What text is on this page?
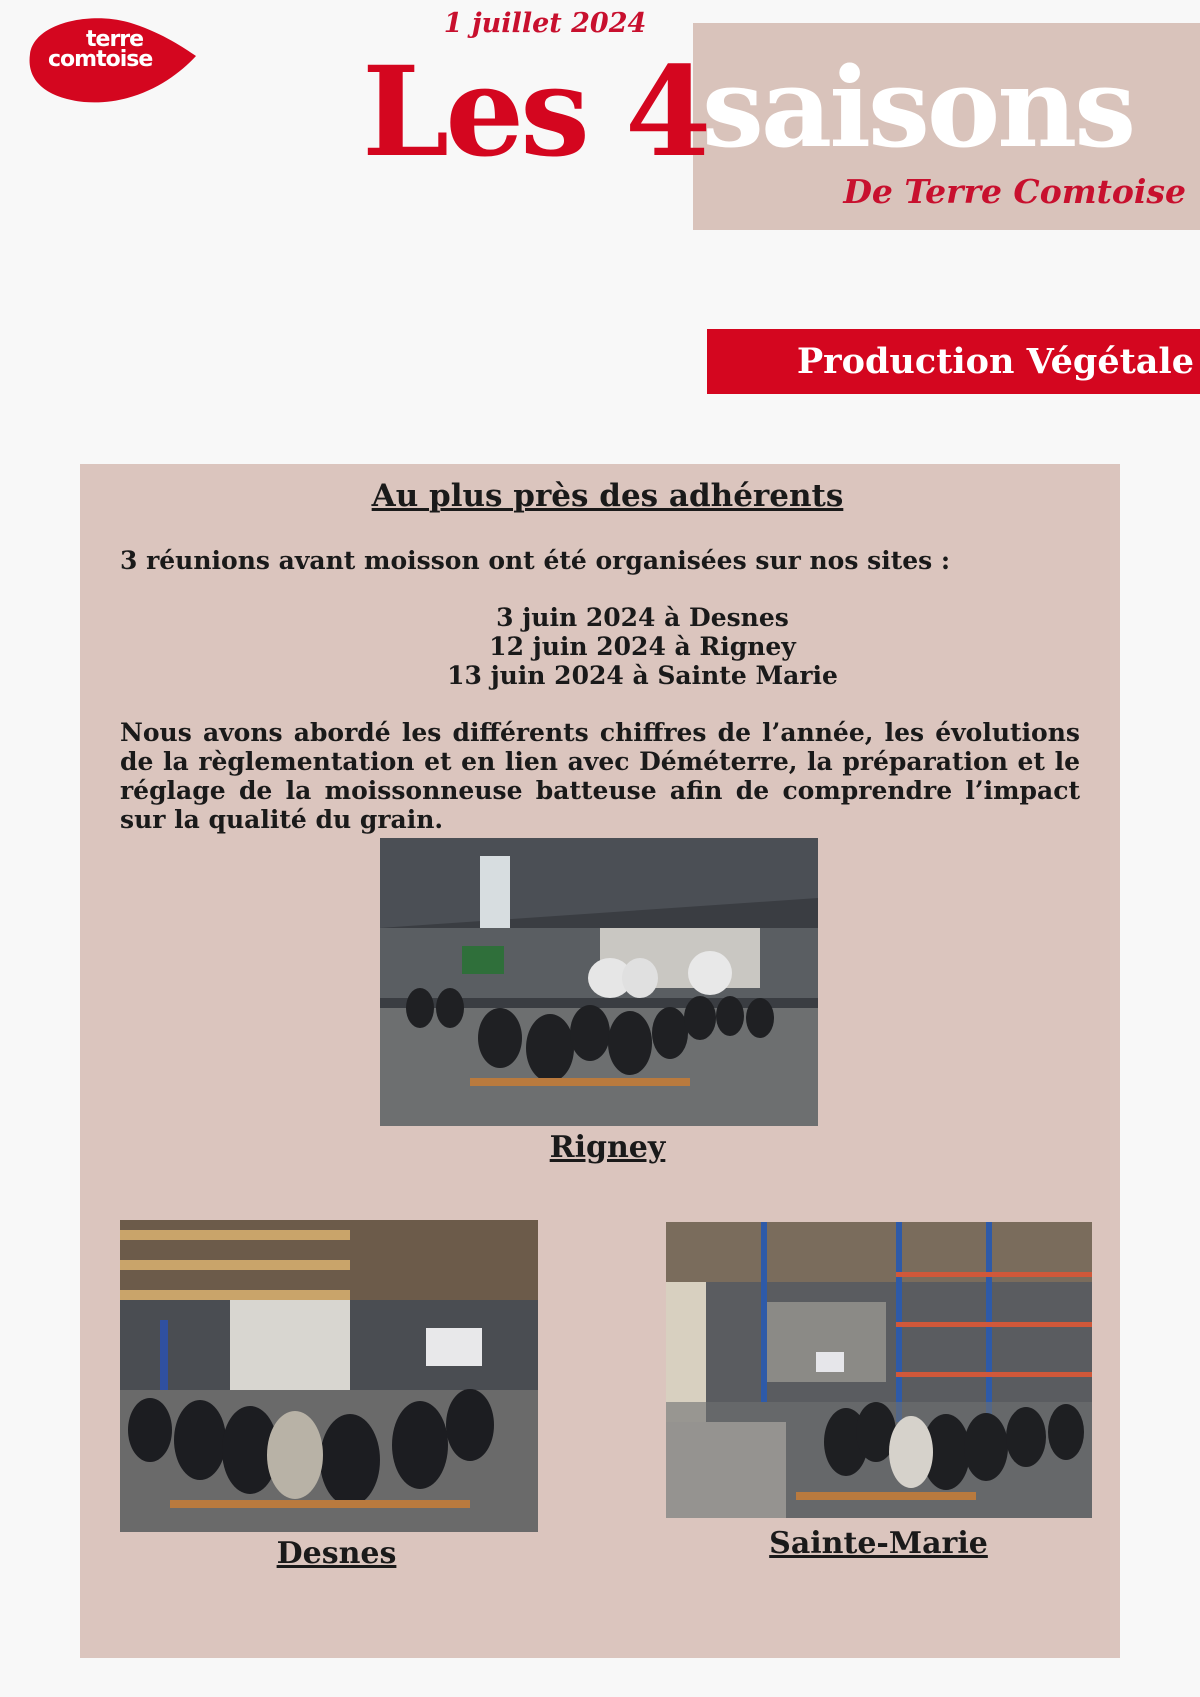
terre
comtoise
1 juillet 2024
Les 4
saisons
De Terre Comtoise
Production Végétale
Au plus près des adhérents
3 réunions avant moisson ont été organisées sur nos sites :
3 juin 2024 à Desnes
12 juin 2024 à Rigney
13 juin 2024 à Sainte Marie
Nous avons abordé les différents chiffres de l’année, les évolutions de la règlementation et en lien avec Déméterre, la préparation et le réglage de la moissonneuse batteuse afin de comprendre l’impact sur la qualité du grain.
Rigney
Desnes	Sainte-Marie
